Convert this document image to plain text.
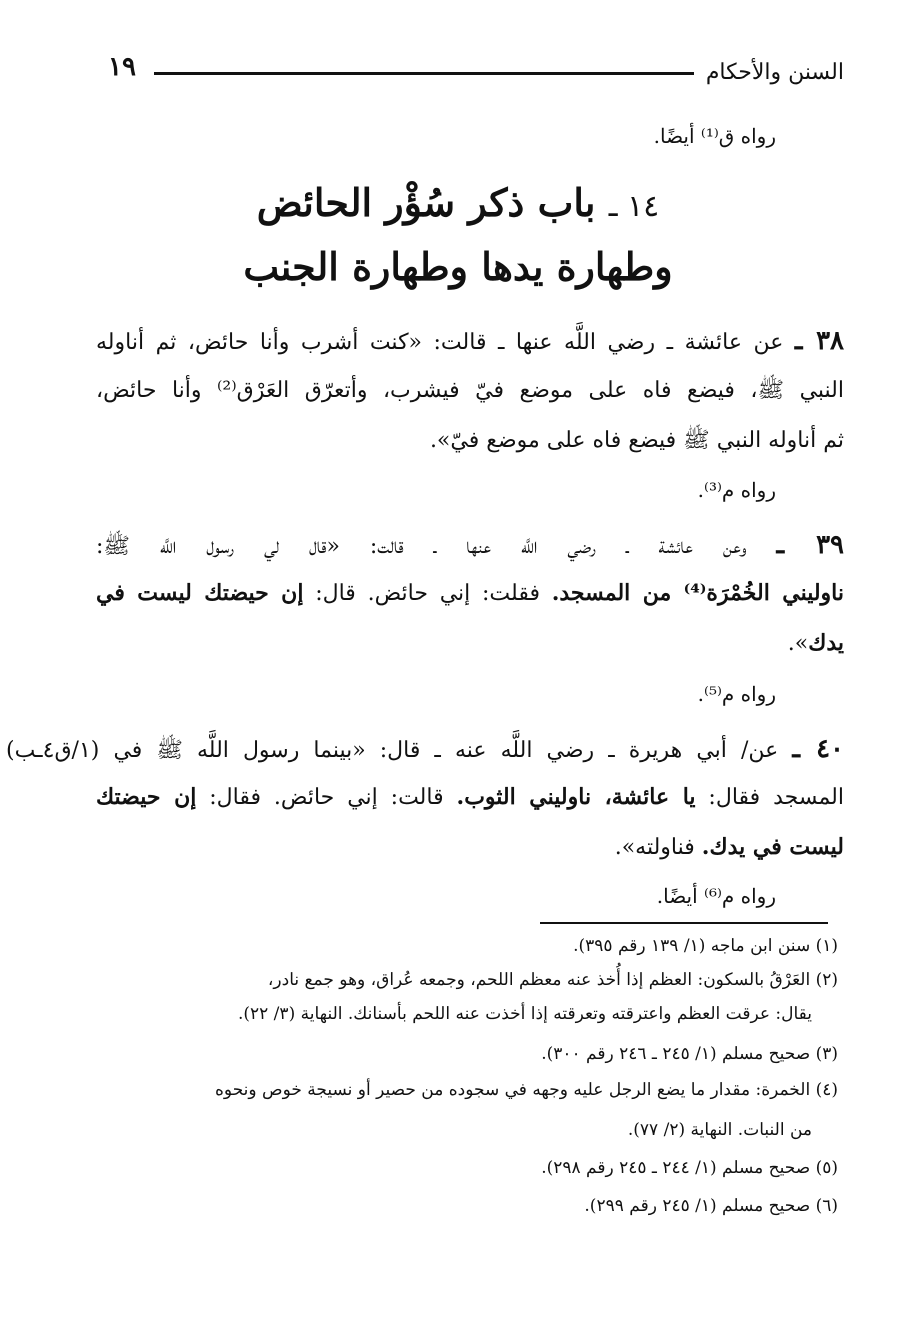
السنن والأحكام
١٩
رواه ق⁽¹⁾ أيضًا.
١٤ ـ باب ذكر سُؤْر الحائض
وطهارة يدها وطهارة الجنب
٣٨ ـ عن عائشة ـ رضي اللَّه عنها ـ قالت: «كنت أشرب وأنا حائض، ثم أناوله
النبي ﷺ، فيضع فاه على موضع فيّ فيشرب، وأتعرّق العَرْق⁽²⁾ وأنا حائض،
ثم أناوله النبي ﷺ فيضع فاه على موضع فيّ».
رواه م⁽³⁾.
٣٩ ـ وعن عائشة ـ رضي اللَّه عنها ـ قالت: «قال لي رسول اللَّه ﷺ:
ناوليني الخُمْرَة⁽⁴⁾ من المسجد. فقلت: إني حائض. قال: إن حيضتك ليست في
يدك».
رواه م⁽⁵⁾.
٤٠ ـ عن/ أبي هريرة ـ رضي اللَّه عنه ـ قال: «بينما رسول اللَّه ﷺ في (١/ق٤ـب)
المسجد فقال: يا عائشة، ناوليني الثوب. قالت: إني حائض. فقال: إن حيضتك
ليست في يدك. فناولته».
رواه م⁽⁶⁾ أيضًا.
(١) سنن ابن ماجه (١/ ١٣٩ رقم ٣٩٥).
(٢) العَرْقُ بالسكون: العظم إذا أُخذ عنه معظم اللحم، وجمعه عُراق، وهو جمع نادر،
يقال: عرقت العظم واعترقته وتعرقته إذا أخذت عنه اللحم بأسنانك. النهاية (٣/ ٢٢).
(٣) صحيح مسلم (١/ ٢٤٥ ـ ٢٤٦ رقم ٣٠٠).
(٤) الخمرة: مقدار ما يضع الرجل عليه وجهه في سجوده من حصير أو نسيجة خوص ونحوه
من النبات. النهاية (٢/ ٧٧).
(٥) صحيح مسلم (١/ ٢٤٤ ـ ٢٤٥ رقم ٢٩٨).
(٦) صحيح مسلم (١/ ٢٤٥ رقم ٢٩٩).
